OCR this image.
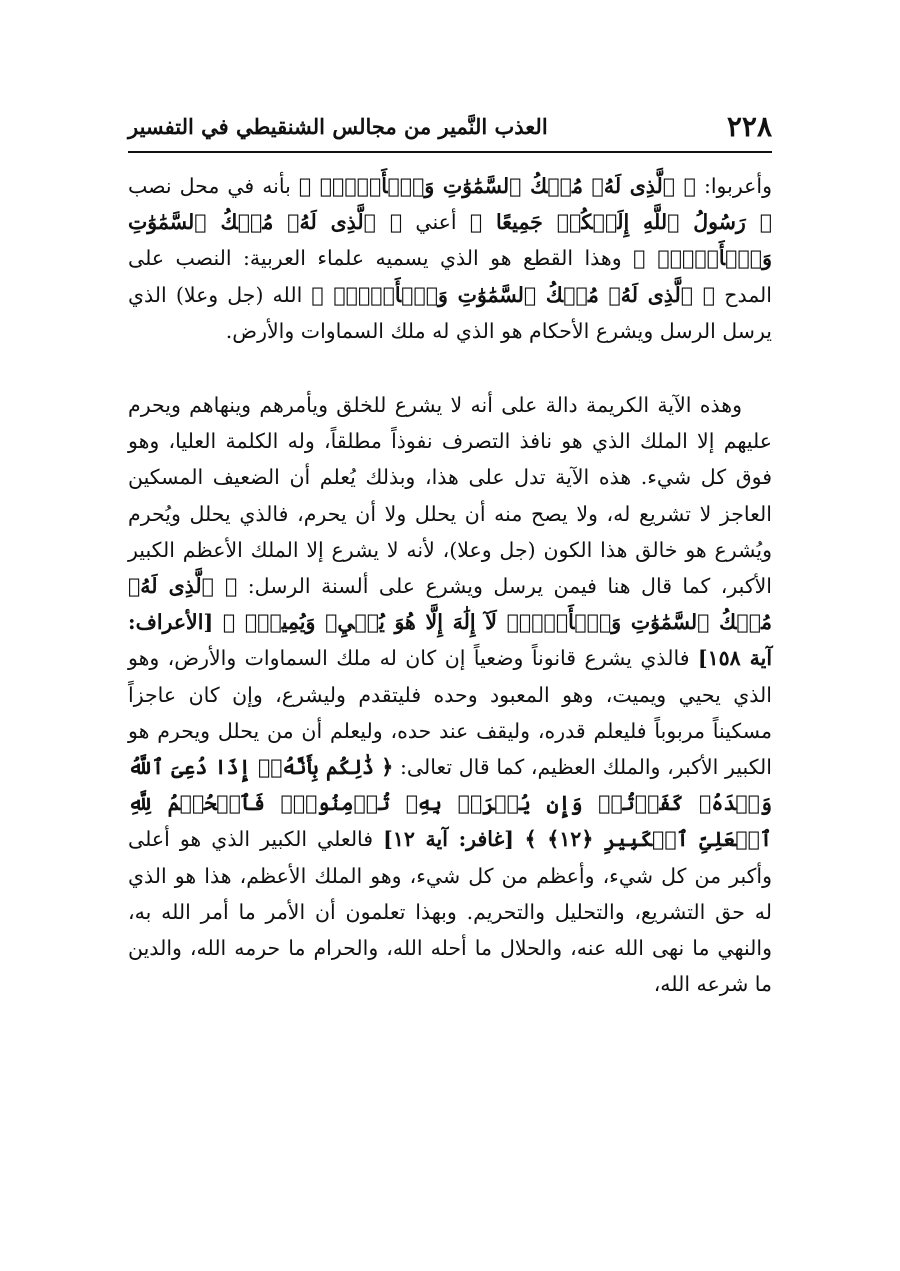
٢٢٨
العذب النَّمير من مجالس الشنقيطي في التفسير

وأعربوا: ﴿ ٱلَّذِى لَهُۥ مُلۡكُ ٱلسَّمَٰوَٰتِ وَٱلۡأَرۡضِۖ ﴾ بأنه في محل نصب ﴿ رَسُولُ ٱللَّهِ إِلَيۡكُمۡ جَمِيعًا ﴾ أعني ﴿ ٱلَّذِى لَهُۥ مُلۡكُ ٱلسَّمَٰوَٰتِ وَٱلۡأَرۡضِۖ ﴾ وهذا القطع هو الذي يسميه علماء العربية: النصب على المدح ﴿ ٱلَّذِى لَهُۥ مُلۡكُ ٱلسَّمَٰوَٰتِ وَٱلۡأَرۡضِۖ ﴾ الله (جل وعلا) الذي يرسل الرسل ويشرع الأحكام هو الذي له ملك السماوات والأرض.

وهذه الآية الكريمة دالة على أنه لا يشرع للخلق ويأمرهم وينهاهم ويحرم عليهم إلا الملك الذي هو نافذ التصرف نفوذاً مطلقاً، وله الكلمة العليا، وهو فوق كل شيء. هذه الآية تدل على هذا، وبذلك يُعلم أن الضعيف المسكين العاجز لا تشريع له، ولا يصح منه أن يحلل ولا أن يحرم، فالذي يحلل ويُحرم ويُشرع هو خالق هذا الكون (جل وعلا)، لأنه لا يشرع إلا الملك الأعظم الكبير الأكبر، كما قال هنا فيمن يرسل ويشرع على ألسنة الرسل: ﴿ ٱلَّذِى لَهُۥ مُلۡكُ ٱلسَّمَٰوَٰتِ وَٱلۡأَرۡضِۖ لَآ إِلَٰهَ إِلَّا هُوَ يُحۡيِۦ وَيُمِيتُۖ ﴾ [الأعراف: آية ١٥٨] فالذي يشرع قانوناً وضعياً إن كان له ملك السماوات والأرض، وهو الذي يحيي ويميت، وهو المعبود وحده فليتقدم وليشرع، وإن كان عاجزاً مسكيناً مربوباً فليعلم قدره، وليقف عند حده، وليعلم أن من يحلل ويحرم هو الكبير الأكبر، والملك العظيم، كما قال تعالى: ﴿ ذَٰلِكُم بِأَنَّهُۥٓ إِذَا دُعِىَ ٱللَّهُ وَحۡدَهُۥ كَفَرۡتُمۡ وَإِن يُشۡرَكۡ بِهِۦ تُؤۡمِنُواْۚ فَٱلۡحُكۡمُ لِلَّهِ ٱلۡعَلِىِّ ٱلۡكَبِيرِ ﴿١٢﴾ ﴾ [غافر: آية ١٢] فالعلي الكبير الذي هو أعلى وأكبر من كل شيء، وأعظم من كل شيء، وهو الملك الأعظم، هذا هو الذي له حق التشريع، والتحليل والتحريم. وبهذا تعلمون أن الأمر ما أمر الله به، والنهي ما نهى الله عنه، والحلال ما أحله الله، والحرام ما حرمه الله، والدين ما شرعه الله،
